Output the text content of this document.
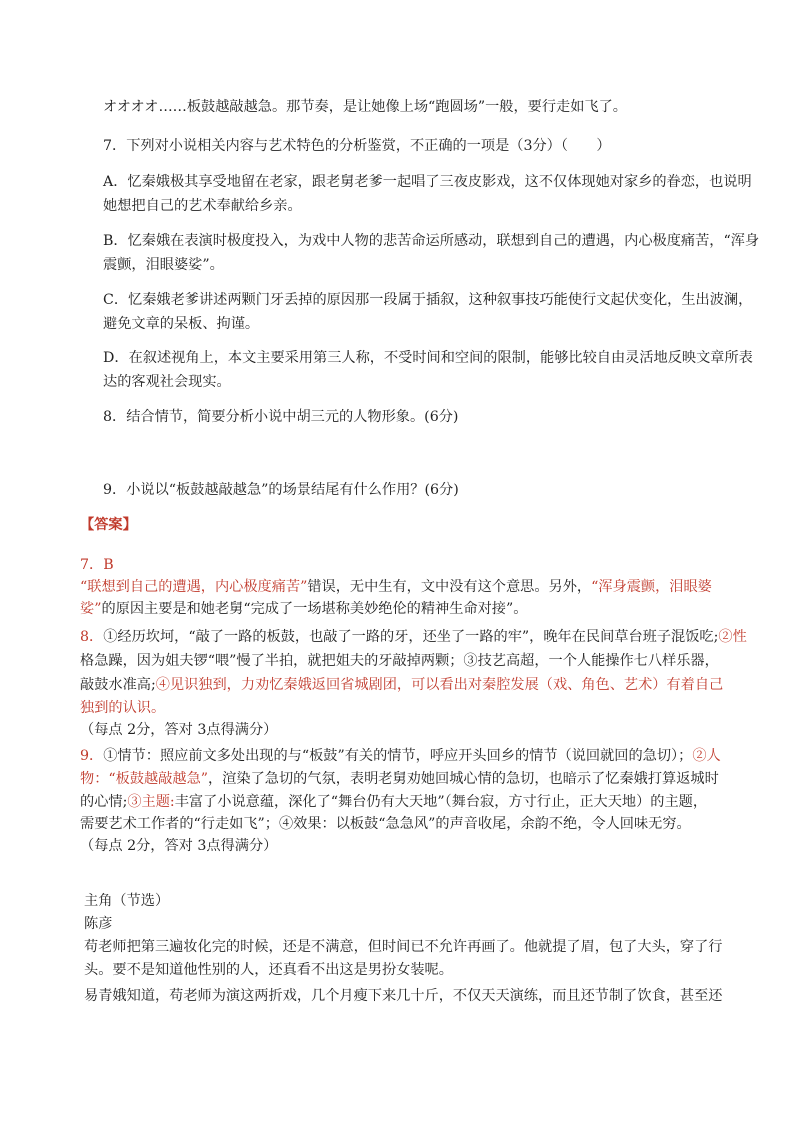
オオオオ……板鼓越敲越急。那节奏，是让她像上场“跑圆场”一般，要行走如飞了。
7．下列对小说相关内容与艺术特色的分析鉴赏，不正确的一项是（3分）（　　）
A．忆秦娥极其享受地留在老家，跟老舅老爹一起唱了三夜皮影戏，这不仅体现她对家乡的眷恋，也说明
她想把自己的艺术奉献给乡亲。
B．忆秦娥在表演时极度投入，为戏中人物的悲苦命运所感动，联想到自己的遭遇，内心极度痛苦，“浑身
震颤，泪眼婆娑”。
C．忆秦娥老爹讲述两颗门牙丢掉的原因那一段属于插叙，这种叙事技巧能使行文起伏变化，生出波澜，
避免文章的呆板、拘谨。
D．在叙述视角上，本文主要采用第三人称，不受时间和空间的限制，能够比较自由灵活地反映文章所表
达的客观社会现实。
8．结合情节，简要分析小说中胡三元的人物形象。(6分)
9．小说以“板鼓越敲越急”的场景结尾有什么作用？(6分)
【答案】
7．B
“联想到自己的遭遇，内心极度痛苦”错误，无中生有，文中没有这个意思。另外，“浑身震颤，泪眼婆
娑”的原因主要是和她老舅“完成了一场堪称美妙绝伦的精神生命对接”。
8．①经历坎坷，“敲了一路的板鼓，也敲了一路的牙，还坐了一路的牢”，晚年在民间草台班子混饭吃;②性
格急躁，因为姐夫锣“喂”慢了半拍，就把姐夫的牙敲掉两颗；③技艺高超，一个人能操作七八样乐器，
敲鼓水准高;④见识独到，力劝忆秦娥返回省城剧团，可以看出对秦腔发展（戏、角色、艺术）有着自己
独到的认识。
（每点 2分，答对 3点得满分）
9．①情节：照应前文多处出现的与“板鼓”有关的情节，呼应开头回乡的情节（说回就回的急切）；②人
物：“板鼓越敲越急”，渲染了急切的气氛，表明老舅劝她回城心情的急切，也暗示了忆秦娥打算返城时
的心情;③主题:丰富了小说意蕴，深化了“舞台仍有大天地”（舞台寂，方寸行止，正大天地）的主题，
需要艺术工作者的“行走如飞”；④效果：以板鼓“急急风”的声音收尾，余韵不绝，令人回味无穷。
（每点 2分，答对 3点得满分）
主角（节选）
陈彦
苟老师把第三遍妆化完的时候，还是不满意，但时间已不允许再画了。他就提了眉，包了大头，穿了行
头。要不是知道他性别的人，还真看不出这是男扮女装呢。
易青娥知道，苟老师为演这两折戏，几个月瘦下来几十斤，不仅天天演练，而且还节制了饮食，甚至还
